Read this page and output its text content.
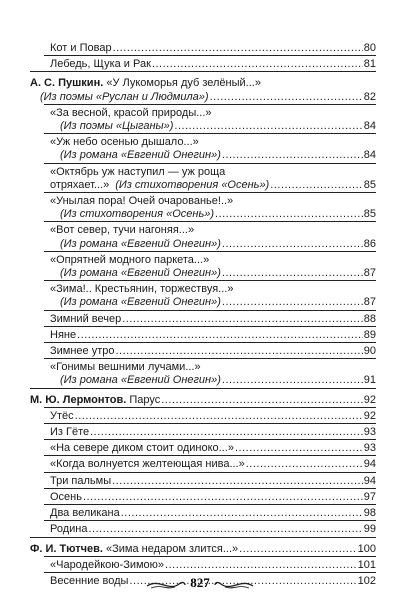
Кот и Повар .....	80
Лебедь, Щука и Рак .....	81
А. С. Пушкин.
«У Лукоморья дуб зелёный...»
(Из поэмы «Руслан и Людмила») .....	82
«За весной, красой природы...»
(Из поэмы «Цыганы») .....	84
«Уж небо осенью дышало...»
(Из романа «Евгений Онегин») .....	84
«Октябрь уж наступил — уж роща
отряхает...» (Из стихотворения «Осень») .....	85
«Унылая пора! Очей очарованье!..»
(Из стихотворения «Осень») .....	85
«Вот север, тучи нагоняя...»
(Из романа «Евгений Онегин») .....	86
«Опрятней модного паркета...»
(Из романа «Евгений Онегин») .....	87
«Зима!.. Крестьянин, торжествуя...»
(Из романа «Евгений Онегин») .....	87
Зимний вечер .....	88
Няне .....	89
Зимнее утро .....	90
«Гонимы вешними лучами...»
(Из романа «Евгений Онегин») .....	91
М. Ю. Лермонтов.
Парус .....	92
Утёс .....	92
Из Гёте .....	93
«На севере диком стоит одиноко...» .....	93
«Когда волнуется желтеющая нива...» .....	94
Три пальмы .....	94
Осень .....	97
Два великана .....	98
Родина .....	99
Ф. И. Тютчев.
«Зима недаром злится...» .....	100
«Чародейкою-Зимою» .....	101
Весенние воды .....	102
827
